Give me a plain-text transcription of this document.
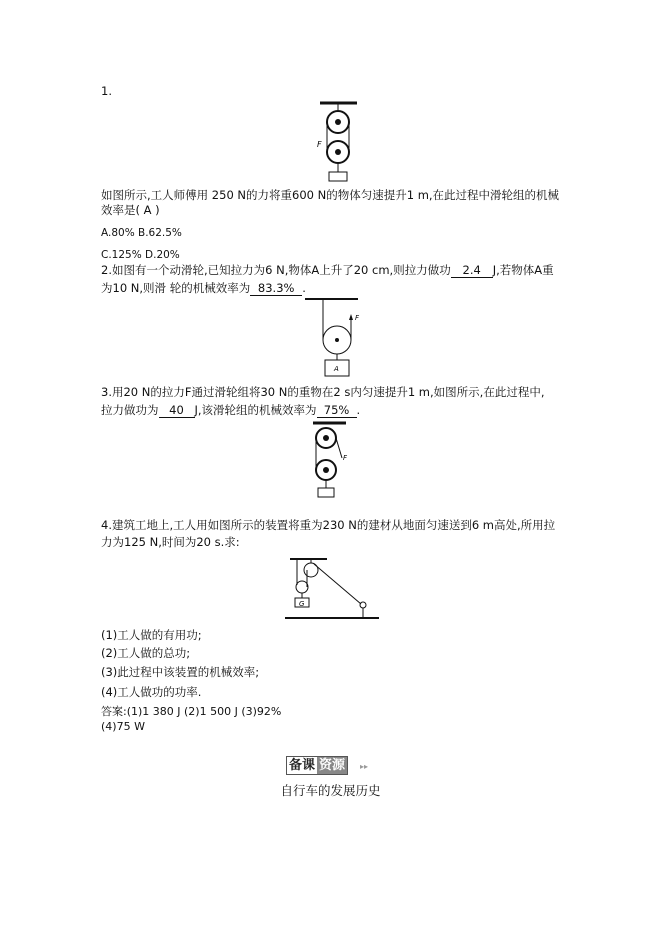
1.
F
如图所示,工人师傅用 250 N的力将重600 N的物体匀速提升1 m,在此过程中滑轮组的机械
效率是( A )
A.80% B.62.5%
C.125% D.20%
2.如图有一个动滑轮,已知拉力为6 N,物体A上升了20 cm,则拉力做功 2.4 J,若物体A重
为10 N,则滑 轮的机械效率为 83.3% .
F
A
3.用20 N的拉力F通过滑轮组将30 N的重物在2 s内匀速提升1 m,如图所示,在此过程中,
拉力做功为 40 J,该滑轮组的机械效率为 75% .
F
4.建筑工地上,工人用如图所示的装置将重为230 N的建材从地面匀速送到6 m高处,所用拉
力为125 N,时间为20 s.求:
G
(1)工人做的有用功;
(2)工人做的总功;
(3)此过程中该装置的机械效率;
(4)工人做功的功率.
答案:(1)1 380 J (2)1 500 J (3)92%
(4)75 W
备课 资源 ▸▸
自行车的发展历史
